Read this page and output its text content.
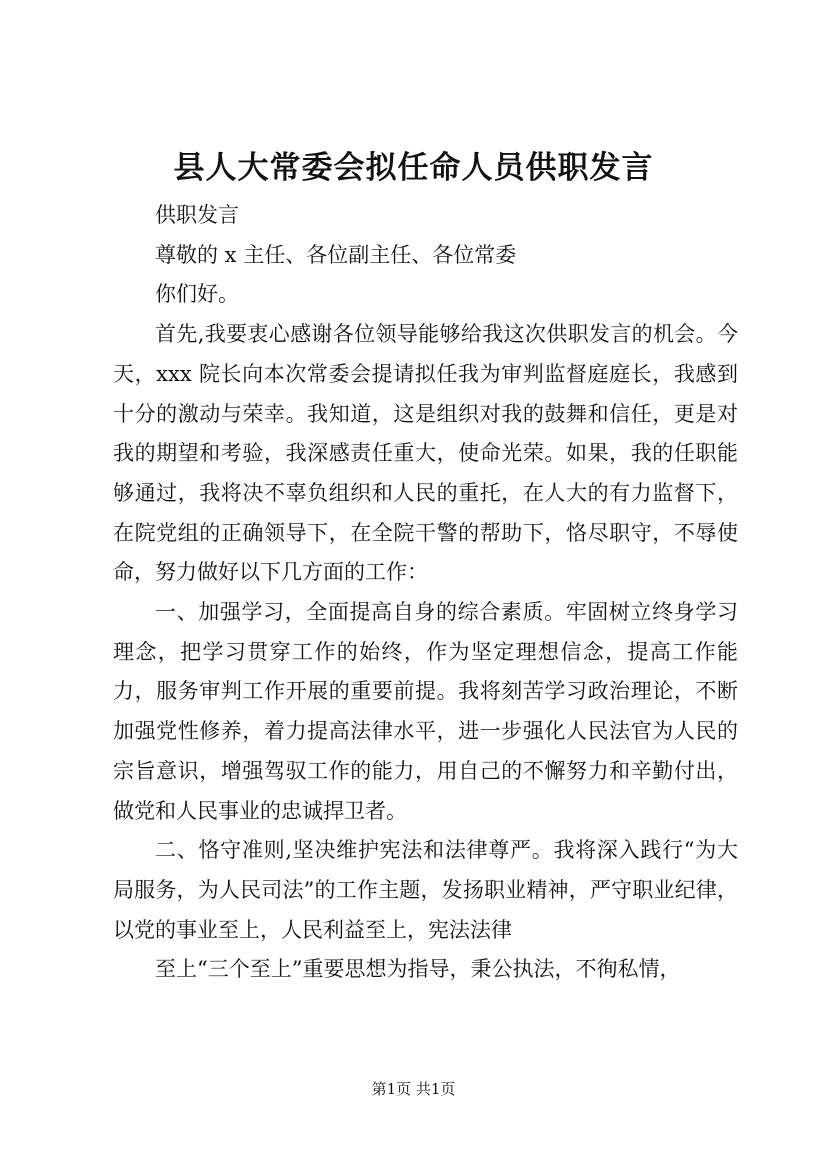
县人大常委会拟任命人员供职发言

供职发言

尊敬的 x 主任、各位副主任、各位常委

你们好。

首先,我要衷心感谢各位领导能够给我这次供职发言的机会。今天，xxx 院长向本次常委会提请拟任我为审判监督庭庭长，我感到十分的激动与荣幸。我知道，这是组织对我的鼓舞和信任，更是对我的期望和考验，我深感责任重大，使命光荣。如果，我的任职能够通过，我将决不辜负组织和人民的重托，在人大的有力监督下，在院党组的正确领导下，在全院干警的帮助下，恪尽职守，不辱使命，努力做好以下几方面的工作：

一、加强学习，全面提高自身的综合素质。牢固树立终身学习理念，把学习贯穿工作的始终，作为坚定理想信念，提高工作能力，服务审判工作开展的重要前提。我将刻苦学习政治理论，不断加强党性修养，着力提高法律水平，进一步强化人民法官为人民的宗旨意识，增强驾驭工作的能力，用自己的不懈努力和辛勤付出，做党和人民事业的忠诚捍卫者。

二、恪守准则,坚决维护宪法和法律尊严。我将深入践行“为大局服务，为人民司法”的工作主题，发扬职业精神，严守职业纪律，以党的事业至上，人民利益至上，宪法法律

至上“三个至上”重要思想为指导，秉公执法，不徇私情，

第1页 共1页
